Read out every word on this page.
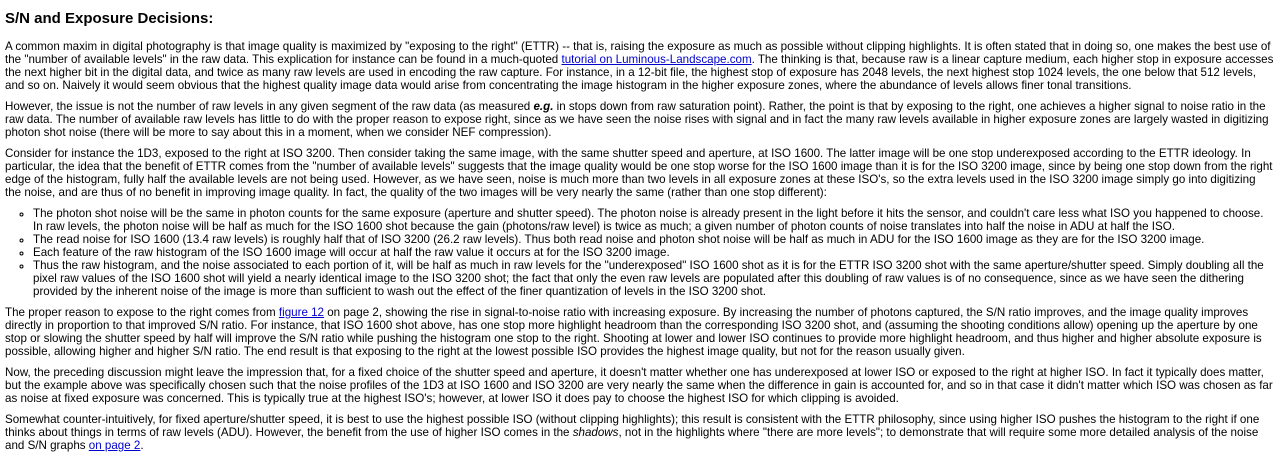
S/N and Exposure Decisions:

A common maxim in digital photography is that image quality is maximized by "exposing to the right" (ETTR) -- that is, raising the exposure as much as possible without clipping highlights. It is often stated that in doing so, one makes the best use of the "number of available levels" in the raw data. This explication for instance can be found in a much-quoted tutorial on Luminous-Landscape.com. The thinking is that, because raw is a linear capture medium, each higher stop in exposure accesses the next higher bit in the digital data, and twice as many raw levels are used in encoding the raw capture. For instance, in a 12-bit file, the highest stop of exposure has 2048 levels, the next highest stop 1024 levels, the one below that 512 levels, and so on. Naively it would seem obvious that the highest quality image data would arise from concentrating the image histogram in the higher exposure zones, where the abundance of levels allows finer tonal transitions.

However, the issue is not the number of raw levels in any given segment of the raw data (as measured e.g. in stops down from raw saturation point). Rather, the point is that by exposing to the right, one achieves a higher signal to noise ratio in the raw data. The number of available raw levels has little to do with the proper reason to expose right, since as we have seen the noise rises with signal and in fact the many raw levels available in higher exposure zones are largely wasted in digitizing photon shot noise (there will be more to say about this in a moment, when we consider NEF compression).

Consider for instance the 1D3, exposed to the right at ISO 3200. Then consider taking the same image, with the same shutter speed and aperture, at ISO 1600. The latter image will be one stop underexposed according to the ETTR ideology. In particular, the idea that the benefit of ETTR comes from the "number of available levels" suggests that the image quality would be one stop worse for the ISO 1600 image than it is for the ISO 3200 image, since by being one stop down from the right edge of the histogram, fully half the available levels are not being used. However, as we have seen, noise is much more than two levels in all exposure zones at these ISO's, so the extra levels used in the ISO 3200 image simply go into digitizing the noise, and are thus of no benefit in improving image quality. In fact, the quality of the two images will be very nearly the same (rather than one stop different):

◦ The photon shot noise will be the same in photon counts for the same exposure (aperture and shutter speed). The photon noise is already present in the light before it hits the sensor, and couldn't care less what ISO you happened to choose. In raw levels, the photon noise will be half as much for the ISO 1600 shot because the gain (photons/raw level) is twice as much; a given number of photon counts of noise translates into half the noise in ADU at half the ISO.
◦ The read noise for ISO 1600 (13.4 raw levels) is roughly half that of ISO 3200 (26.2 raw levels). Thus both read noise and photon shot noise will be half as much in ADU for the ISO 1600 image as they are for the ISO 3200 image.
◦ Each feature of the raw histogram of the ISO 1600 image will occur at half the raw value it occurs at for the ISO 3200 image.
◦ Thus the raw histogram, and the noise associated to each portion of it, will be half as much in raw levels for the "underexposed" ISO 1600 shot as it is for the ETTR ISO 3200 shot with the same aperture/shutter speed. Simply doubling all the pixel raw values of the ISO 1600 shot will yield a nearly identical image to the ISO 3200 shot; the fact that only the even raw levels are populated after this doubling of raw values is of no consequence, since as we have seen the dithering provided by the inherent noise of the image is more than sufficient to wash out the effect of the finer quantization of levels in the ISO 3200 shot.

The proper reason to expose to the right comes from figure 12 on page 2, showing the rise in signal-to-noise ratio with increasing exposure. By increasing the number of photons captured, the S/N ratio improves, and the image quality improves directly in proportion to that improved S/N ratio. For instance, that ISO 1600 shot above, has one stop more highlight headroom than the corresponding ISO 3200 shot, and (assuming the shooting conditions allow) opening up the aperture by one stop or slowing the shutter speed by half will improve the S/N ratio while pushing the histogram one stop to the right. Shooting at lower and lower ISO continues to provide more highlight headroom, and thus higher and higher absolute exposure is possible, allowing higher and higher S/N ratio. The end result is that exposing to the right at the lowest possible ISO provides the highest image quality, but not for the reason usually given.

Now, the preceding discussion might leave the impression that, for a fixed choice of the shutter speed and aperture, it doesn't matter whether one has underexposed at lower ISO or exposed to the right at higher ISO. In fact it typically does matter, but the example above was specifically chosen such that the noise profiles of the 1D3 at ISO 1600 and ISO 3200 are very nearly the same when the difference in gain is accounted for, and so in that case it didn't matter which ISO was chosen as far as noise at fixed exposure was concerned. This is typically true at the highest ISO's; however, at lower ISO it does pay to choose the highest ISO for which clipping is avoided.

Somewhat counter-intuitively, for fixed aperture/shutter speed, it is best to use the highest possible ISO (without clipping highlights); this result is consistent with the ETTR philosophy, since using higher ISO pushes the histogram to the right if one thinks about things in terms of raw levels (ADU). However, the benefit from the use of higher ISO comes in the shadows, not in the highlights where "there are more levels"; to demonstrate that will require some more detailed analysis of the noise and S/N graphs on page 2.
